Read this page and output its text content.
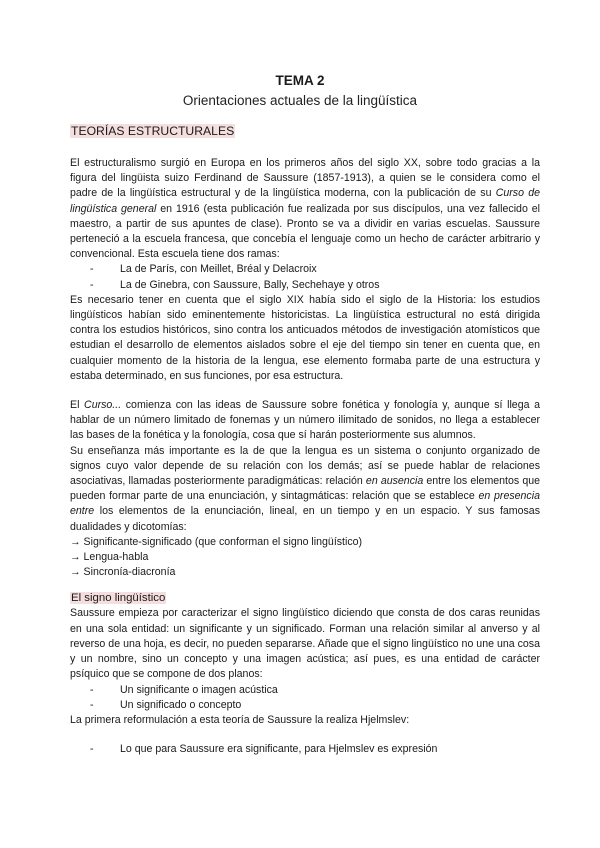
TEMA 2
Orientaciones actuales de la lingüística
TEORÍAS ESTRUCTURALES

El estructuralismo surgió en Europa en los primeros años del siglo XX, sobre todo gracias a la figura del lingüista suizo Ferdinand de Saussure (1857-1913), a quien se le considera como el padre de la lingüística estructural y de la lingüística moderna, con la publicación de su Curso de lingüística general en 1916 (esta publicación fue realizada por sus discípulos, una vez fallecido el maestro, a partir de sus apuntes de clase). Pronto se va a dividir en varias escuelas. Saussure perteneció a la escuela francesa, que concebía el lenguaje como un hecho de carácter arbitrario y convencional. Esta escuela tiene dos ramas:

- La de París, con Meillet, Bréal y Delacroix
- La de Ginebra, con Saussure, Bally, Sechehaye y otros

Es necesario tener en cuenta que el siglo XIX había sido el siglo de la Historia: los estudios lingüísticos habían sido eminentemente historicistas. La lingüística estructural no está dirigida contra los estudios históricos, sino contra los anticuados métodos de investigación atomísticos que estudian el desarrollo de elementos aislados sobre el eje del tiempo sin tener en cuenta que, en cualquier momento de la historia de la lengua, ese elemento formaba parte de una estructura y estaba determinado, en sus funciones, por esa estructura.

El Curso... comienza con las ideas de Saussure sobre fonética y fonología y, aunque sí llega a hablar de un número limitado de fonemas y un número ilimitado de sonidos, no llega a establecer las bases de la fonética y la fonología, cosa que sí harán posteriormente sus alumnos.

Su enseñanza más importante es la de que la lengua es un sistema o conjunto organizado de signos cuyo valor depende de su relación con los demás; así se puede hablar de relaciones asociativas, llamadas posteriormente paradigmáticas: relación en ausencia entre los elementos que pueden formar parte de una enunciación, y sintagmáticas: relación que se establece en presencia entre los elementos de la enunciación, lineal, en un tiempo y en un espacio. Y sus famosas dualidades y dicotomías:

→ Significante-significado (que conforman el signo lingüístico)
→ Lengua-habla
→ Sincronía-diacronía
El signo lingüístico

Saussure empieza por caracterizar el signo lingüístico diciendo que consta de dos caras reunidas en una sola entidad: un significante y un significado. Forman una relación similar al anverso y al reverso de una hoja, es decir, no pueden separarse. Añade que el signo lingüístico no une una cosa y un nombre, sino un concepto y una imagen acústica; así pues, es una entidad de carácter psíquico que se compone de dos planos:

- Un significante o imagen acústica
- Un significado o concepto

La primera reformulación a esta teoría de Saussure la realiza Hjelmslev:

- Lo que para Saussure era significante, para Hjelmslev es expresión
